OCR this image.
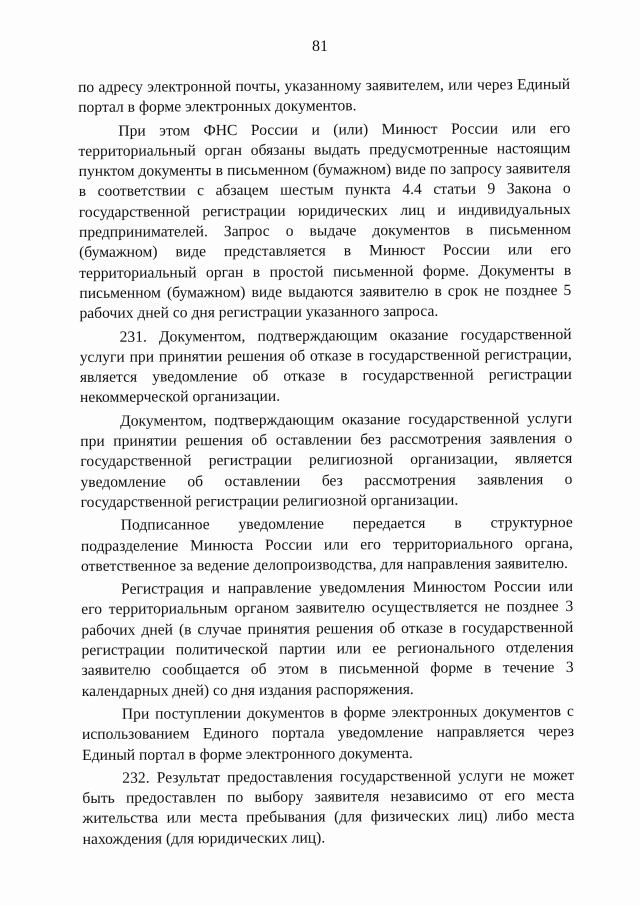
81

по адресу электронной почты, указанному заявителем, или через Единый портал в форме электронных документов.

При этом ФНС России и (или) Минюст России или его территориальный орган обязаны выдать предусмотренные настоящим пунктом документы в письменном (бумажном) виде по запросу заявителя в соответствии с абзацем шестым пункта 4.4 статьи 9 Закона о государственной регистрации юридических лиц и индивидуальных предпринимателей. Запрос о выдаче документов в письменном (бумажном) виде представляется в Минюст России или его территориальный орган в простой письменной форме. Документы в письменном (бумажном) виде выдаются заявителю в срок не позднее 5 рабочих дней со дня регистрации указанного запроса.

231. Документом, подтверждающим оказание государственной услуги при принятии решения об отказе в государственной регистрации, является уведомление об отказе в государственной регистрации некоммерческой организации.

Документом, подтверждающим оказание государственной услуги при принятии решения об оставлении без рассмотрения заявления о государственной регистрации религиозной организации, является уведомление об оставлении без рассмотрения заявления о государственной регистрации религиозной организации.

Подписанное уведомление передается в структурное подразделение Минюста России или его территориального органа, ответственное за ведение делопроизводства, для направления заявителю.

Регистрация и направление уведомления Минюстом России или его территориальным органом заявителю осуществляется не позднее 3 рабочих дней (в случае принятия решения об отказе в государственной регистрации политической партии или ее регионального отделения заявителю сообщается об этом в письменной форме в течение 3 календарных дней) со дня издания распоряжения.

При поступлении документов в форме электронных документов с использованием Единого портала уведомление направляется через Единый портал в форме электронного документа.

232. Результат предоставления государственной услуги не может быть предоставлен по выбору заявителя независимо от его места жительства или места пребывания (для физических лиц) либо места нахождения (для юридических лиц).
